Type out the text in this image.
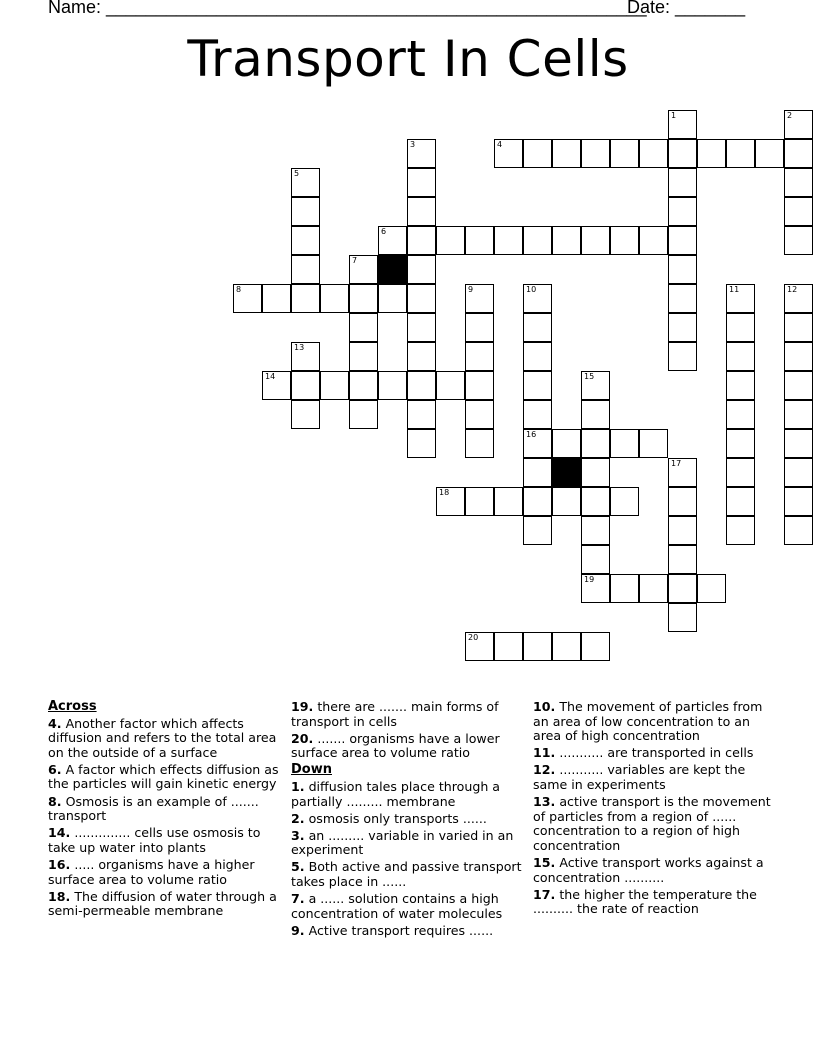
Name: ______________________________________________________
Date: _______
Transport In Cells
1	2
3	4
5
6
7
8	9	10	11	12
13
14	15
16
17
18
19
20
Across
4. Another factor which affects diffusion and refers to the total area on the outside of a surface
6. A factor which effects diffusion as the particles will gain kinetic energy
8. Osmosis is an example of ....... transport
14. .............. cells use osmosis to take up water into plants
16. ..... organisms have a higher surface area to volume ratio
18. The diffusion of water through a semi-permeable membrane
19. there are ....... main forms of transport in cells
20. ....... organisms have a lower surface area to volume ratio
Down
1. diffusion tales place through a partially ......... membrane
2. osmosis only transports ......
3. an ......... variable in varied in an experiment
5. Both active and passive transport takes place in ......
7. a ...... solution contains a high concentration of water molecules
9. Active transport requires ......
10. The movement of particles from an area of low concentration to an area of high concentration
11. ........... are transported in cells
12. ........... variables are kept the same in experiments
13. active transport is the movement of particles from a region of ...... concentration to a region of high concentration
15. Active transport works against a concentration ..........
17. the higher the temperature the .......... the rate of reaction
